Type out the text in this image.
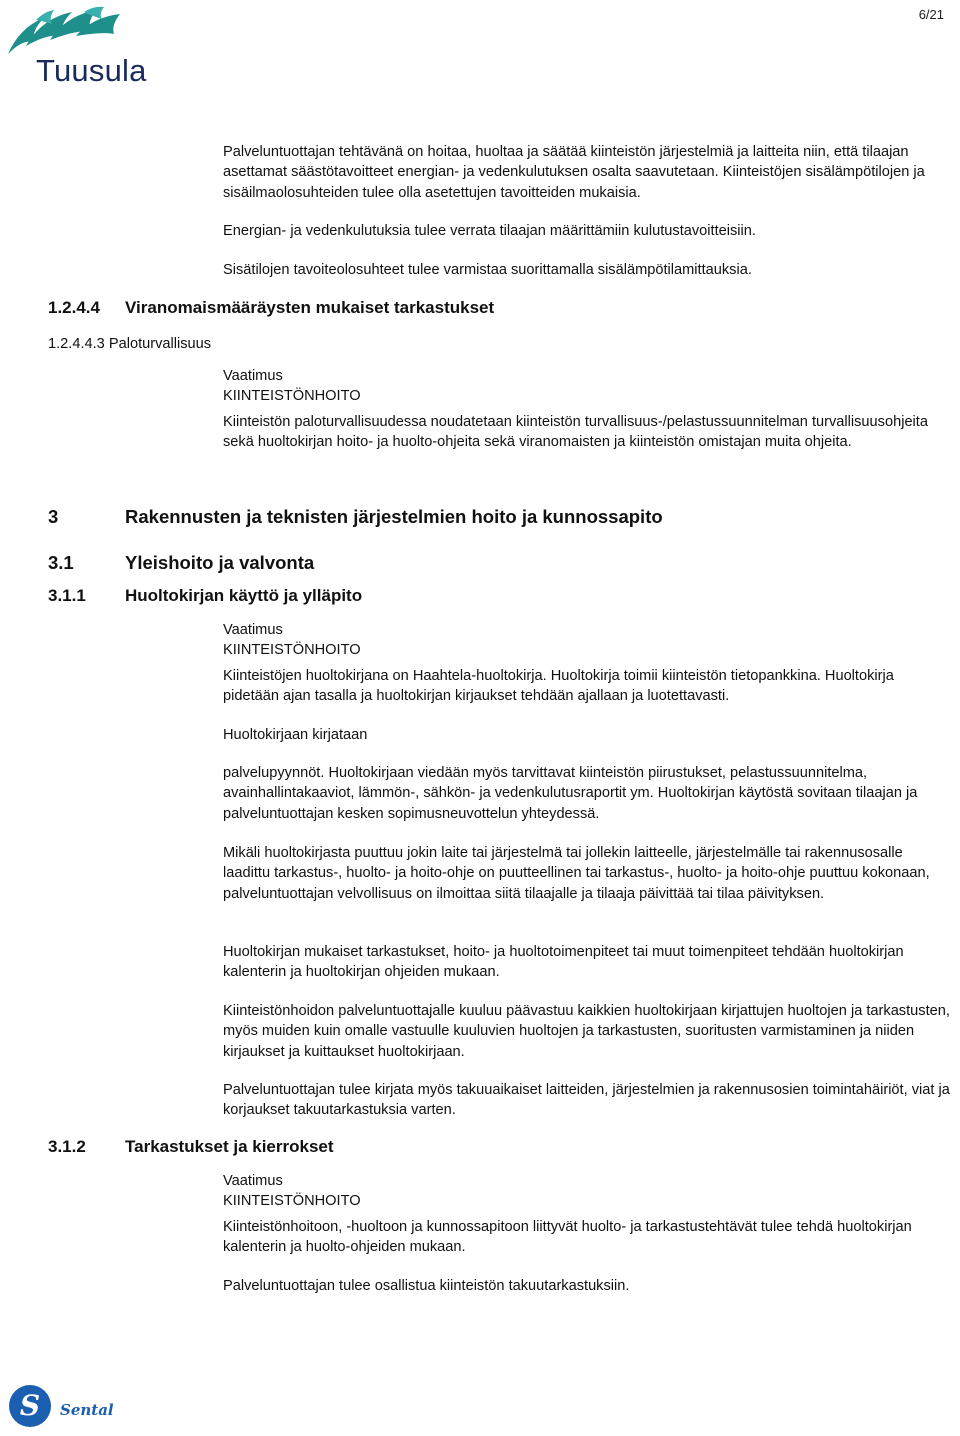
6/21
Tuusula

Palveluntuottajan tehtävänä on hoitaa, huoltaa ja säätää kiinteistön järjestelmiä ja laitteita niin, että tilaajan asettamat säästötavoitteet energian- ja vedenkulutuksen osalta saavutetaan. Kiinteistöjen sisälämpötilojen ja sisäilmaolosuhteiden tulee olla asetettujen tavoitteiden mukaisia.

Energian- ja vedenkulutuksia tulee verrata tilaajan määrittämiin kulutustavoitteisiin.

Sisätilojen tavoiteolosuhteet tulee varmistaa suorittamalla sisälämpötilamittauksia.

1.2.4.4 Viranomaismääräysten mukaiset tarkastukset
1.2.4.4.3 Paloturvallisuus
Vaatimus
KIINTEISTÖNHOITO

Kiinteistön paloturvallisuudessa noudatetaan kiinteistön turvallisuus-/pelastussuunnitelman turvallisuusohjeita sekä huoltokirjan hoito- ja huolto-ohjeita sekä viranomaisten ja kiinteistön omistajan muita ohjeita.

3	Rakennusten ja teknisten järjestelmien hoito ja kunnossapito
3.1	Yleishoito ja valvonta
3.1.1 Huoltokirjan käyttö ja ylläpito
Vaatimus
KIINTEISTÖNHOITO

Kiinteistöjen huoltokirjana on Haahtela-huoltokirja. Huoltokirja toimii kiinteistön tietopankkina. Huoltokirja pidetään ajan tasalla ja huoltokirjan kirjaukset tehdään ajallaan ja luotettavasti.

Huoltokirjaan kirjataan

palvelupyynnöt. Huoltokirjaan viedään myös tarvittavat kiinteistön piirustukset, pelastussuunnitelma, avainhallintakaaviot, lämmön-, sähkön- ja vedenkulutusraportit ym. Huoltokirjan käytöstä sovitaan tilaajan ja palveluntuottajan kesken sopimusneuvottelun yhteydessä.

Mikäli huoltokirjasta puuttuu jokin laite tai järjestelmä tai jollekin laitteelle, järjestelmälle tai rakennusosalle laadittu tarkastus-, huolto- ja hoito-ohje on puutteellinen tai tarkastus-, huolto- ja hoito-ohje puuttuu kokonaan, palveluntuottajan velvollisuus on ilmoittaa siitä tilaajalle ja tilaaja päivittää tai tilaa päivityksen.

Huoltokirjan mukaiset tarkastukset, hoito- ja huoltotoimenpiteet tai muut toimenpiteet tehdään huoltokirjan kalenterin ja huoltokirjan ohjeiden mukaan.

Kiinteistönhoidon palveluntuottajalle kuuluu päävastuu kaikkien huoltokirjaan kirjattujen huoltojen ja tarkastusten, myös muiden kuin omalle vastuulle kuuluvien huoltojen ja tarkastusten, suoritusten varmistaminen ja niiden kirjaukset ja kuittaukset huoltokirjaan.

Palveluntuottajan tulee kirjata myös takuuaikaiset laitteiden, järjestelmien ja rakennusosien toimintahäiriöt, viat ja korjaukset takuutarkastuksia varten.

3.1.2 Tarkastukset ja kierrokset
Vaatimus
KIINTEISTÖNHOITO

Kiinteistönhoitoon, -huoltoon ja kunnossapitoon liittyvät huolto- ja tarkastustehtävät tulee tehdä huoltokirjan kalenterin ja huolto-ohjeiden mukaan.

Palveluntuottajan tulee osallistua kiinteistön takuutarkastuksiin.

S Sental
